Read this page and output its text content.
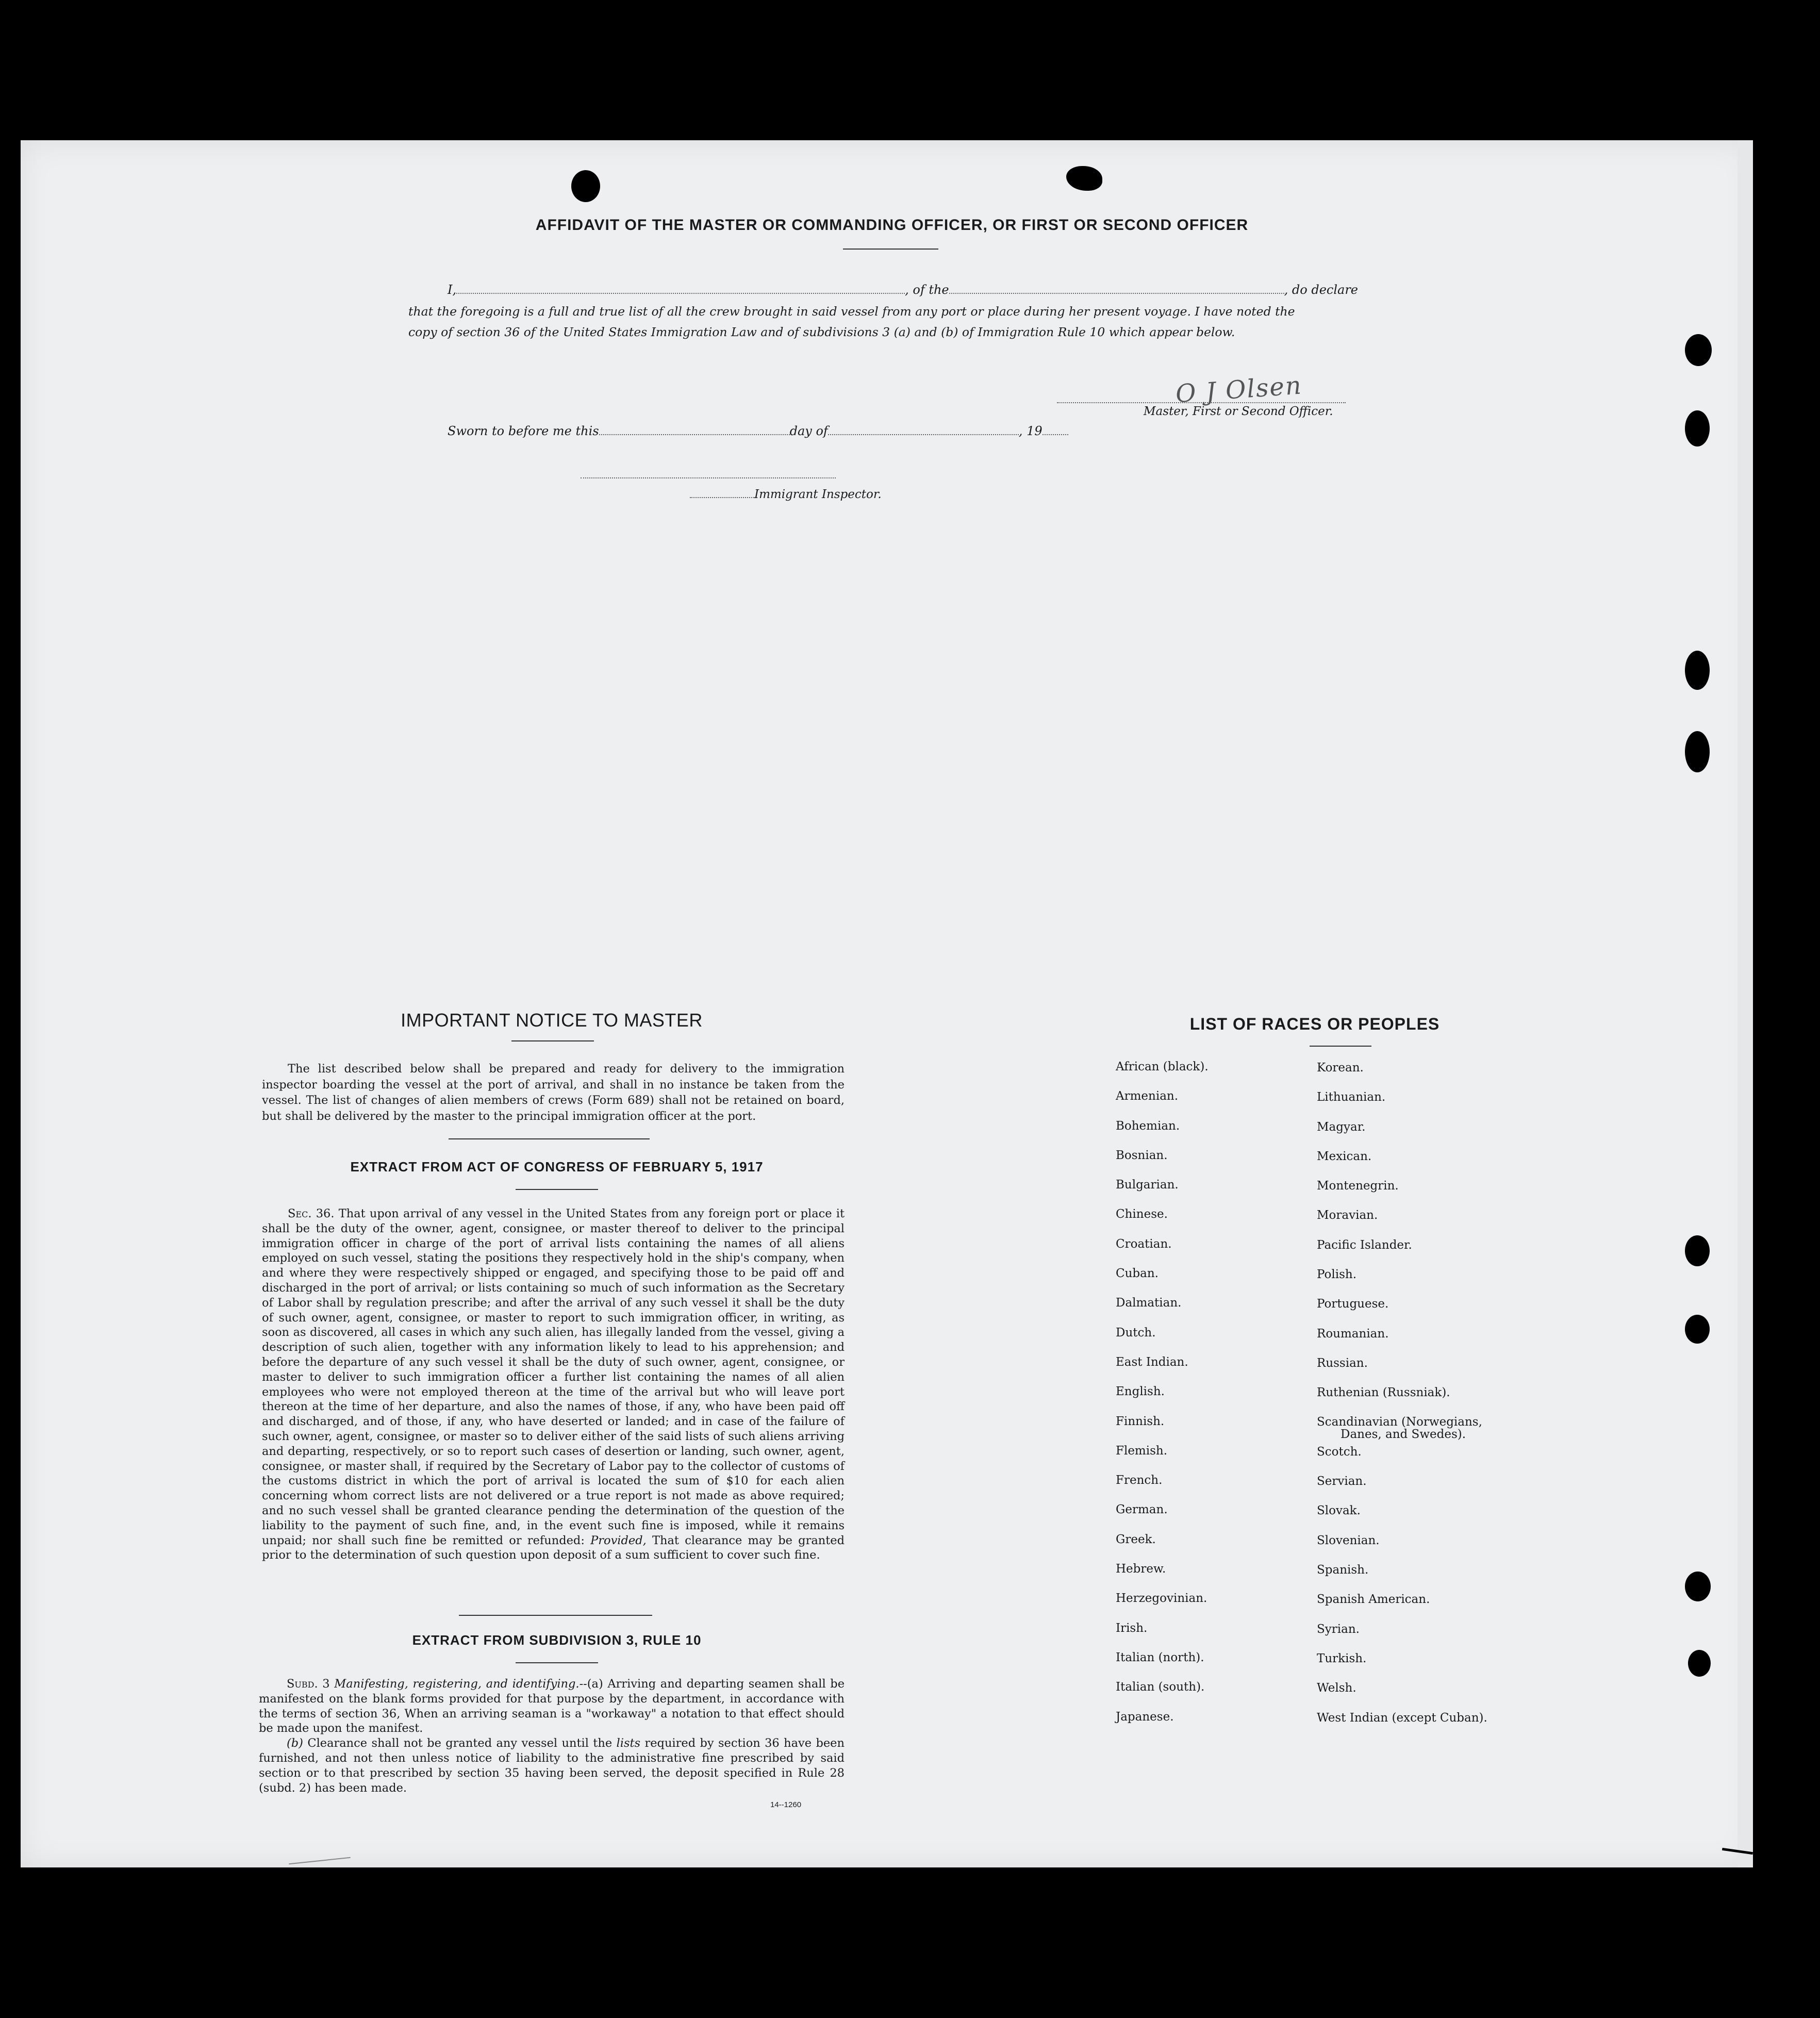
AFFIDAVIT OF THE MASTER OR COMMANDING OFFICER, OR FIRST OR SECOND OFFICER
I,	, of the	, do declare
that the foregoing is a full and true list of all the crew brought in said vessel from any port or place during her present voyage. I have noted the
copy of section 36 of the United States Immigration Law and of subdivisions 3 (a) and (b) of Immigration Rule 10 which appear below.
O J Olsen
Master, First or Second Officer.
Sworn to before me this	day of	, 19
Immigrant Inspector.
IMPORTANT NOTICE TO MASTER
The list described below shall be prepared and ready for delivery to the immigration inspector boarding the vessel at the port of arrival, and shall in no instance be taken from the vessel. The list of changes of alien members of crews (Form 689) shall not be retained on board, but shall be delivered by the master to the principal immigration officer at the port.
EXTRACT FROM ACT OF CONGRESS OF FEBRUARY 5, 1917
Sec. 36. That upon arrival of any vessel in the United States from any foreign port or place it shall be the duty of the owner, agent, consignee, or master thereof to deliver to the principal immigration officer in charge of the port of arrival lists containing the names of all aliens employed on such vessel, stating the positions they respectively hold in the ship's company, when and where they were respectively shipped or engaged, and specifying those to be paid off and discharged in the port of arrival; or lists containing so much of such information as the Secretary of Labor shall by regulation prescribe; and after the arrival of any such vessel it shall be the duty of such owner, agent, consignee, or master to report to such immigration officer, in writing, as soon as discovered, all cases in which any such alien, has illegally landed from the vessel, giving a description of such alien, together with any information likely to lead to his apprehension; and before the departure of any such vessel it shall be the duty of such owner, agent, consignee, or master to deliver to such immigration officer a further list containing the names of all alien employees who were not employed thereon at the time of the arrival but who will leave port thereon at the time of her departure, and also the names of those, if any, who have been paid off and discharged, and of those, if any, who have deserted or landed; and in case of the failure of such owner, agent, consignee, or master so to deliver either of the said lists of such aliens arriving and departing, respectively, or so to report such cases of desertion or landing, such owner, agent, consignee, or master shall, if required by the Secretary of Labor pay to the collector of customs of the customs district in which the port of arrival is located the sum of $10 for each alien concerning whom correct lists are not delivered or a true report is not made as above required; and no such vessel shall be granted clearance pending the determination of the question of the liability to the payment of such fine, and, in the event such fine is imposed, while it remains unpaid; nor shall such fine be remitted or refunded: Provided, That clearance may be granted prior to the determination of such question upon deposit of a sum sufficient to cover such fine.
EXTRACT FROM SUBDIVISION 3, RULE 10
Subd. 3 Manifesting, registering, and identifying.--(a) Arriving and departing seamen shall be manifested on the blank forms provided for that purpose by the department, in accordance with the terms of section 36, When an arriving seaman is a "workaway" a notation to that effect should be made upon the manifest.
(b) Clearance shall not be granted any vessel until the lists required by section 36 have been furnished, and not then unless notice of liability to the administrative fine prescribed by said section or to that prescribed by section 35 having been served, the deposit specified in Rule 28 (subd. 2) has been made.
14--1260
LIST OF RACES OR PEOPLES
African (black).
Armenian.
Bohemian.
Bosnian.
Bulgarian.
Chinese.
Croatian.
Cuban.
Dalmatian.
Dutch.
East Indian.
English.
Finnish.
Flemish.
French.
German.
Greek.
Hebrew.
Herzegovinian.
Irish.
Italian (north).
Italian (south).
Japanese.
Korean.
Lithuanian.
Magyar.
Mexican.
Montenegrin.
Moravian.
Pacific Islander.
Polish.
Portuguese.
Roumanian.
Russian.
Ruthenian (Russniak).
Scandinavian (Norwegians,
Danes, and Swedes).
Scotch.
Servian.
Slovak.
Slovenian.
Spanish.
Spanish American.
Syrian.
Turkish.
Welsh.
West Indian (except Cuban).
